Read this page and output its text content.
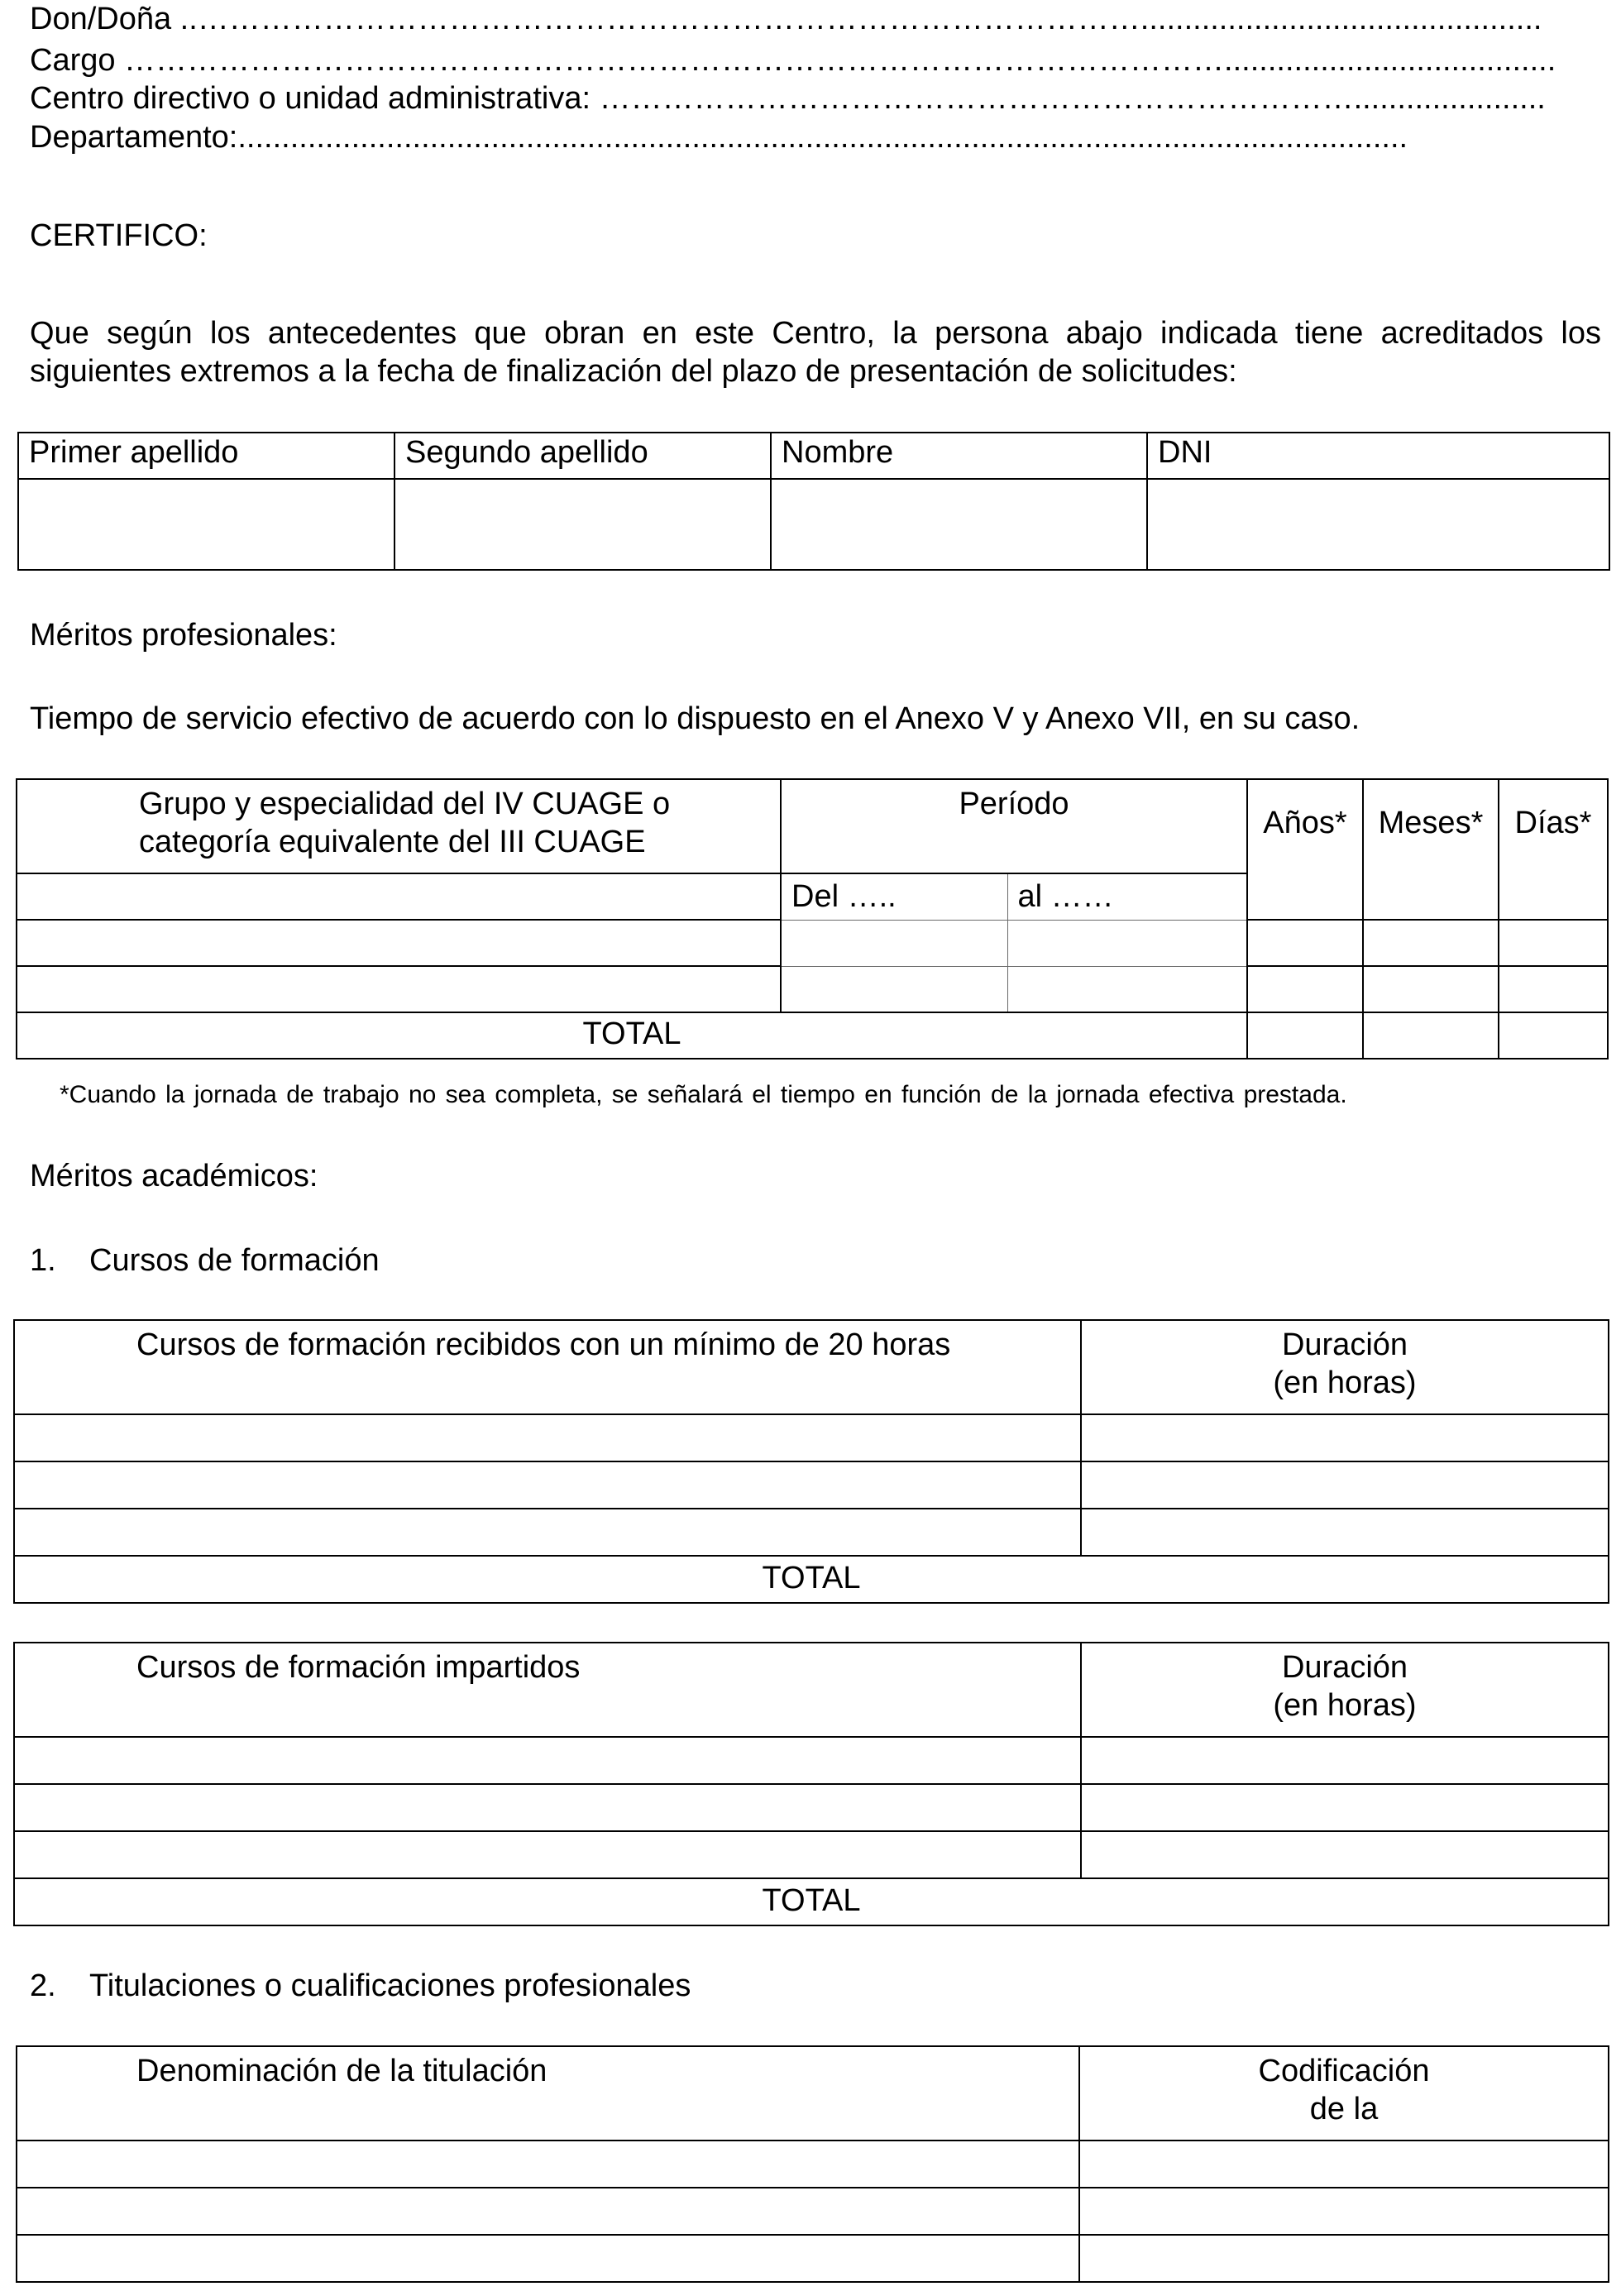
Don/Doña ..………………………………………………………………………………..............................................
Cargo ……………………………………………………………………………………………......................................
Centro directivo o unidad administrativa: ………………………………………………………………......................
Departamento:......................................................................................................................................
CERTIFICO:
Que según los antecedentes que obran en este Centro, la persona abajo indicada tiene acreditados los siguientes extremos a la fecha de finalización del plazo de presentación de solicitudes:
Primer apellido	Segundo apellido	Nombre	DNI

Méritos profesionales:
Tiempo de servicio efectivo de acuerdo con lo dispuesto en el Anexo V y Anexo VII, en su caso.
Grupo y especialidad del IV CUAGE o
categoría equivalente del III CUAGE	Período		Años*	Meses*	Días*
	Del …..	al ……			

TOTAL					
*Cuando la jornada de trabajo no sea completa, se señalará el tiempo en función de la jornada efectiva prestada.
Méritos académicos:
1. Cursos de formación
Cursos de formación recibidos con un mínimo de 20 horas	Duración
(en horas)

TOTAL	
Cursos de formación impartidos	Duración
(en horas)

TOTAL	
2. Titulaciones o cualificaciones profesionales
Denominación de la titulación	Codificación
de la
